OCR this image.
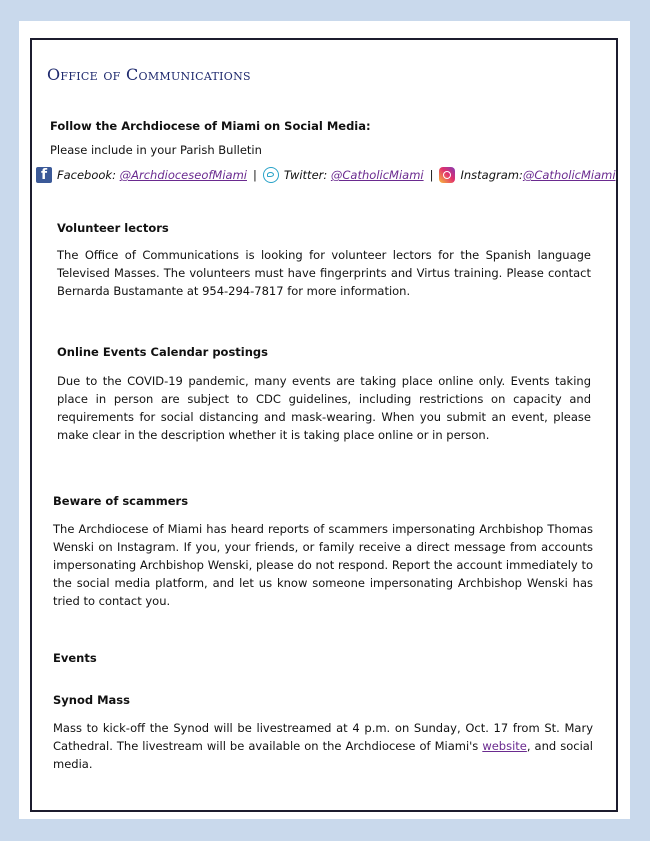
Office of Communications

Follow the Archdiocese of Miami on Social Media:

Please include in your Parish Bulletin

f
Facebook:
@ArchdioceseofMiami | Twitter:
@CatholicMiami | Instagram: @CatholicMiami

Volunteer lectors

The Office of Communications is looking for volunteer lectors for the Spanish language Televised Masses. The volunteers must have fingerprints and Virtus training. Please contact Bernarda Bustamante at 954-294-7817 for more information.

Online Events Calendar postings

Due to the COVID-19 pandemic, many events are taking place online only. Events taking place in person are subject to CDC guidelines, including restrictions on capacity and requirements for social distancing and mask-wearing. When you submit an event, please make clear in the description whether it is taking place online or in person.

Beware of scammers

The Archdiocese of Miami has heard reports of scammers impersonating Archbishop Thomas Wenski on Instagram. If you, your friends, or family receive a direct message from accounts impersonating Archbishop Wenski, please do not respond. Report the account immediately to the social media platform, and let us know someone impersonating Archbishop Wenski has tried to contact you.

Events

Synod Mass

Mass to kick-off the Synod will be livestreamed at 4 p.m. on Sunday, Oct. 17 from St. Mary Cathedral. The livestream will be available on the Archdiocese of Miami's website, and social media.
